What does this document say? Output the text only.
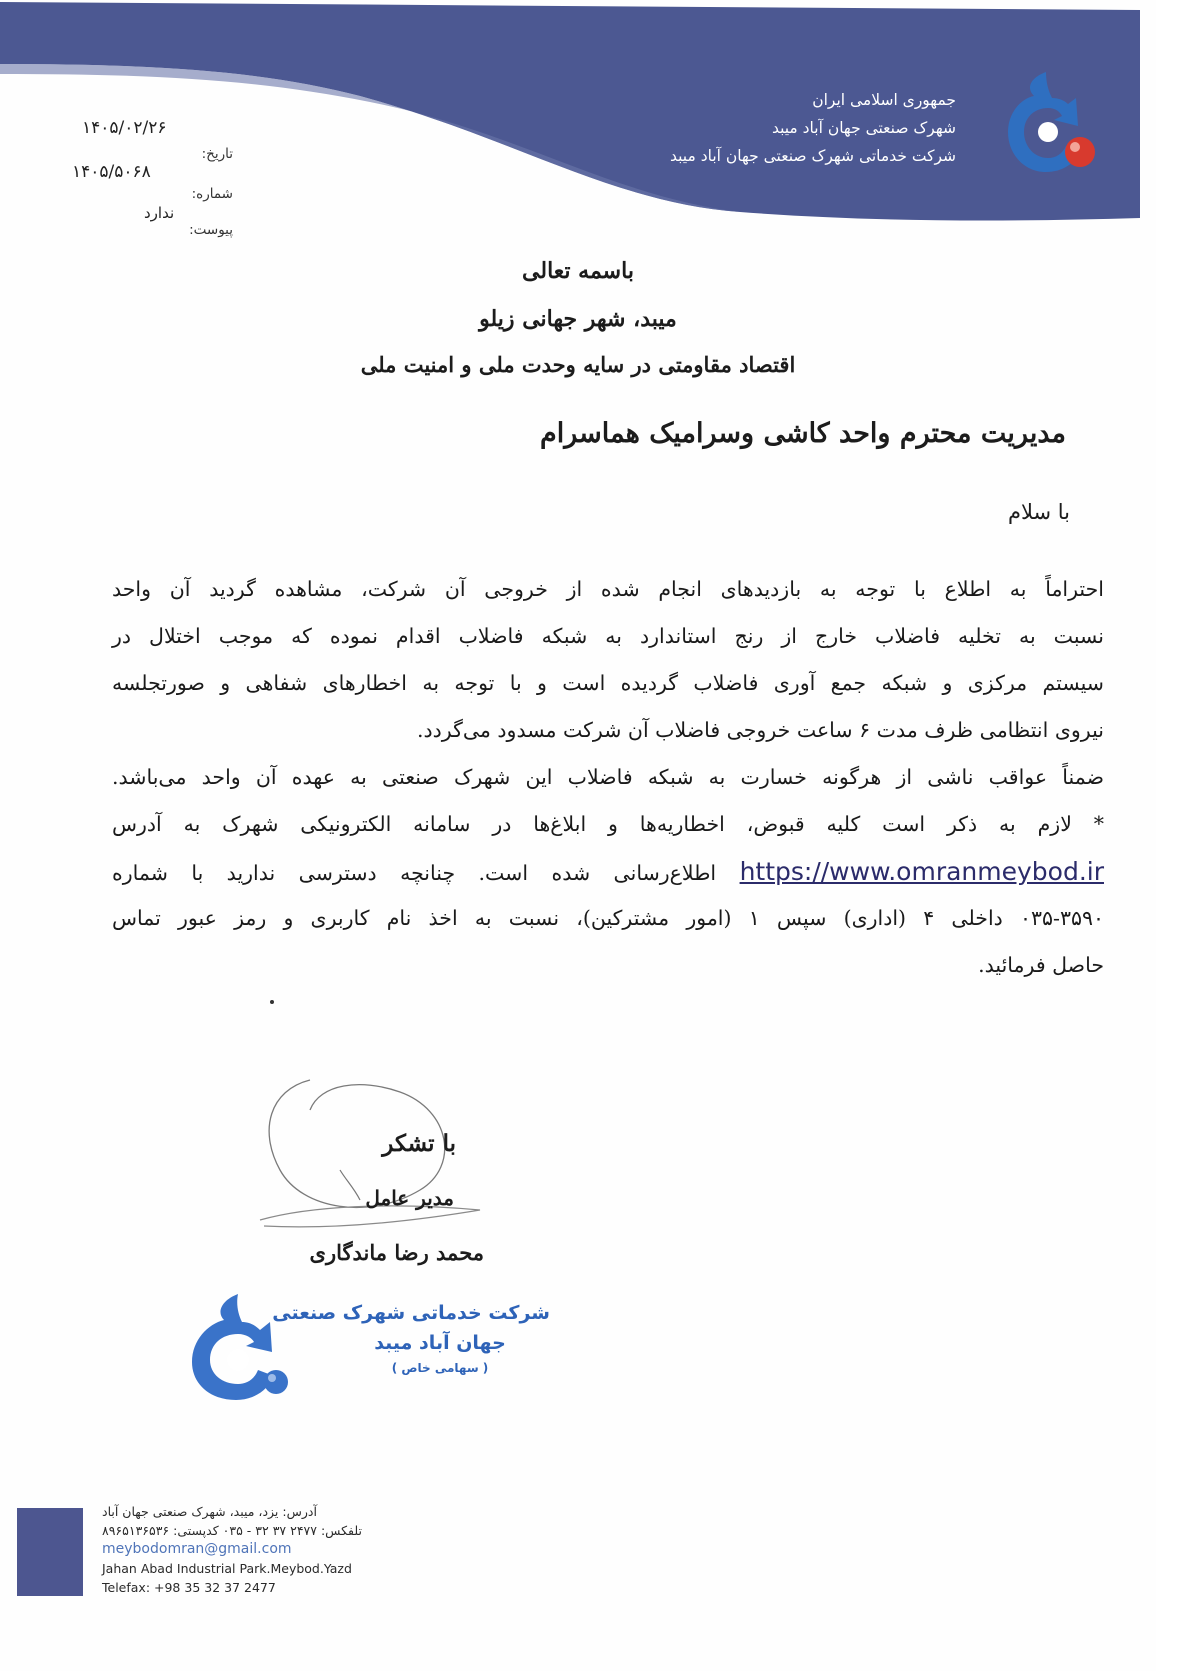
جمهوری اسلامی ایران
شهرک صنعتی جهان آباد میبد
شرکت خدماتی شهرک صنعتی جهان آباد میبد
۱۴۰۵/۰۲/۲۶
تاریخ:
۱۴۰۵/۵۰۶۸
شماره:
ندارد
پیوست:
باسمه تعالی
میبد، شهر جهانی زیلو
اقتصاد مقاومتی در سایه وحدت ملی و امنیت ملی
مدیریت محترم واحد کاشی وسرامیک هماسرام
با سلام
احتراماً به اطلاع با توجه به بازدیدهای انجام شده از خروجی آن شرکت، مشاهده گردید آن واحد
نسبت به تخلیه فاضلاب خارج از رنج استاندارد به شبکه فاضلاب اقدام نموده که موجب اختلال در
سیستم مرکزی و شبکه جمع آوری فاضلاب گردیده است و با توجه به اخطارهای شفاهی و صورتجلسه
نیروی انتظامی ظرف مدت ۶ ساعت خروجی فاضلاب آن شرکت مسدود می‌گردد.
ضمناً عواقب ناشی از هرگونه خسارت به شبکه فاضلاب این شهرک صنعتی به عهده آن واحد می‌باشد.
* لازم به ذکر است کلیه قبوض، اخطاریه‌ها و ابلاغ‌ها در سامانه الکترونیکی شهرک به آدرس
https://www.omranmeybod.ir اطلاع‌رسانی شده است. چنانچه دسترسی ندارید با شماره
۰۳۵-۳۵۹۰ داخلی ۴ (اداری) سپس ۱ (امور مشترکین)، نسبت به اخذ نام کاربری و رمز عبور تماس
حاصل فرمائید.
با تشکر
مدیر عامل
محمد رضا ماندگاری
شرکت خدماتی شهرک صنعتی
جهان آباد میبد
( سهامی خاص )
آدرس: یزد، میبد، شهرک صنعتی جهان آباد
تلفکس: ۲۴۷۷ ۳۷ ۳۲ - ۰۳۵ کدپستی: ۸۹۶۵۱۳۶۵۳۶
meybodomran@gmail.com
Jahan Abad Industrial Park.Meybod.Yazd
Telefax: +98 35 32 37 2477
